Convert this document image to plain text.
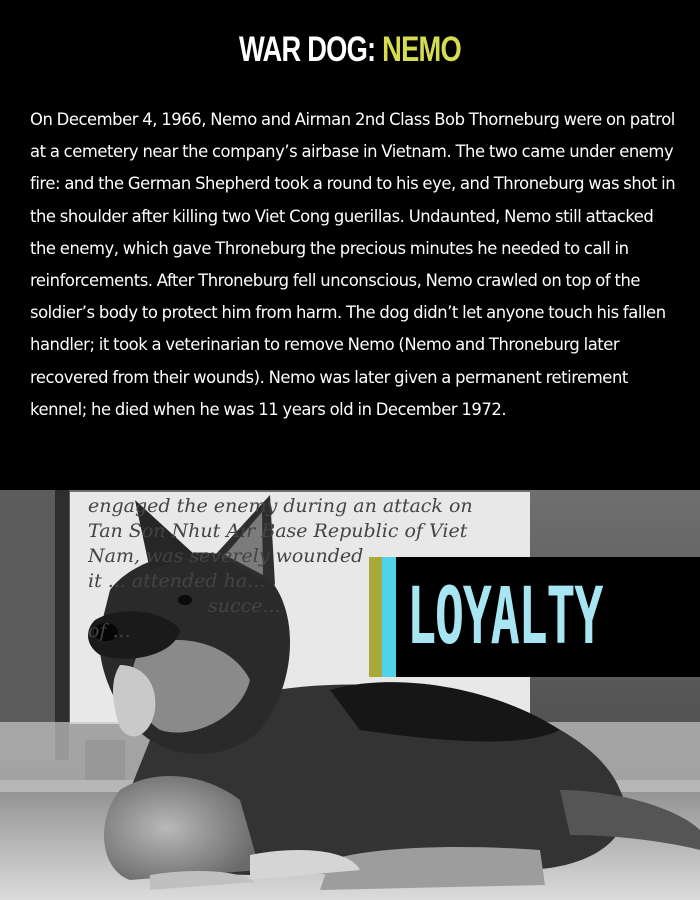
WAR DOG: NEMO
On December 4, 1966, Nemo and Airman 2nd Class Bob Thorneburg were on patrol at a cemetery near the company’s airbase in Vietnam. The two came under enemy fire: and the German Shepherd took a round to his eye, and Throneburg was shot in the shoulder after killing two Viet Cong guerillas. Undaunted, Nemo still attacked the enemy, which gave Throneburg the precious minutes he needed to call in reinforcements. After Throneburg fell unconscious, Nemo crawled on top of the soldier’s body to protect him from harm. The dog didn’t let anyone touch his fallen handler; it took a veterinarian to remove Nemo (Nemo and Throneburg later recovered from their wounds). Nemo was later given a permanent retirement kennel; he died when he was 11 years old in December 1972.
engaged the enemy during an attack on
Tan Son Nhut Air Base Republic of Viet
Nam, was severely wounded
it ... attended ha...
succe...
of ...	LOYALTY
